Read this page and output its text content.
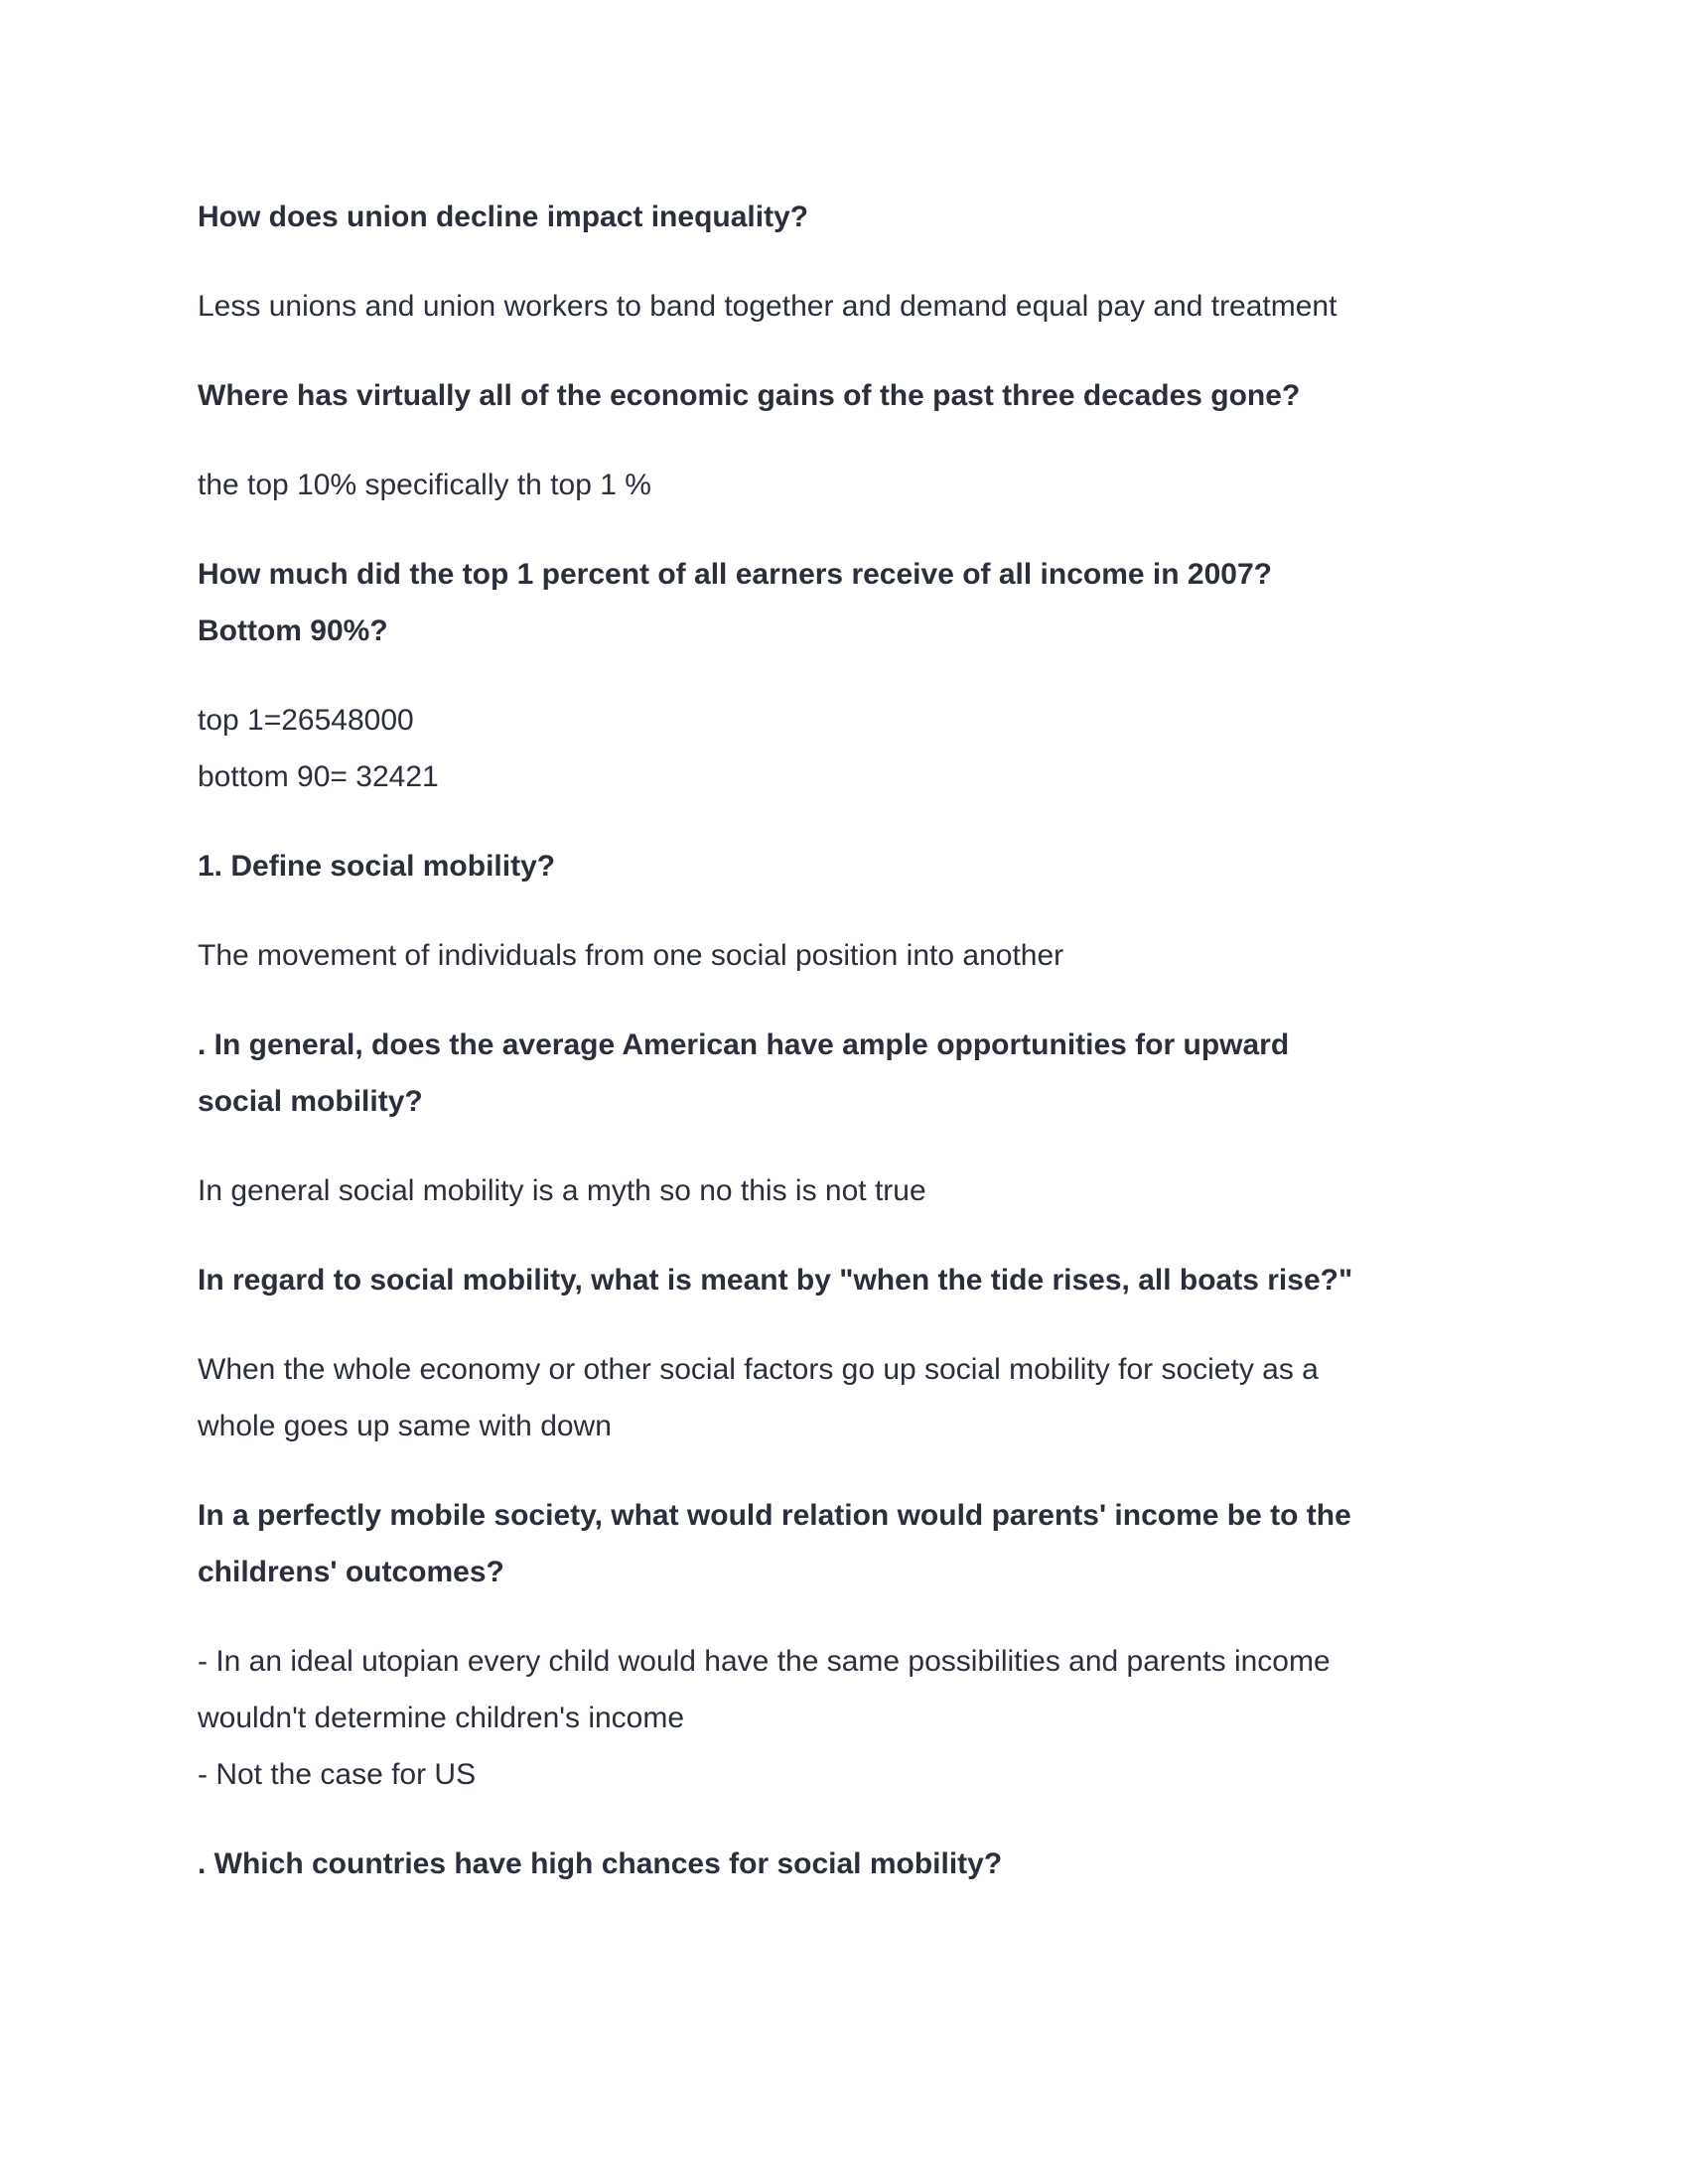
How does union decline impact inequality?
Less unions and union workers to band together and demand equal pay and treatment
Where has virtually all of the economic gains of the past three decades gone?
the top 10% specifically th top 1 %
How much did the top 1 percent of all earners receive of all income in 2007?
Bottom 90%?
top 1=26548000
bottom 90= 32421
1. Define social mobility?
The movement of individuals from one social position into another
. In general, does the average American have ample opportunities for upward
social mobility?
In general social mobility is a myth so no this is not true
In regard to social mobility, what is meant by "when the tide rises, all boats rise?"
When the whole economy or other social factors go up social mobility for society as a
whole goes up same with down
In a perfectly mobile society, what would relation would parents' income be to the
childrens' outcomes?
- In an ideal utopian every child would have the same possibilities and parents income
wouldn't determine children's income
- Not the case for US
. Which countries have high chances for social mobility?
